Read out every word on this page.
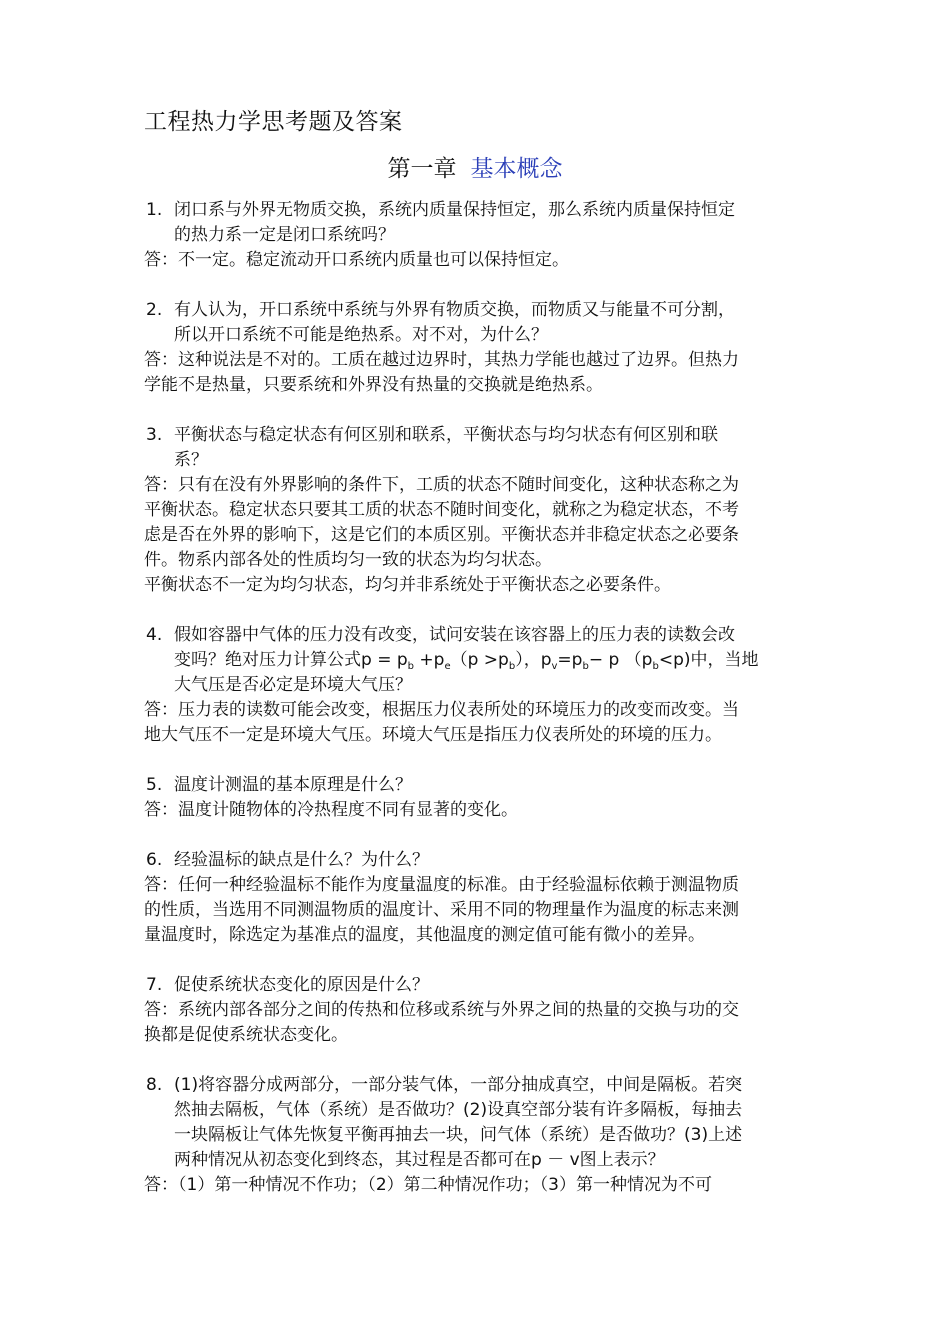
工程热力学思考题及答案
第一章 基本概念
1. 闭口系与外界无物质交换，系统内质量保持恒定，那么系统内质量保持恒定
的热力系一定是闭口系统吗？
答：不一定。稳定流动开口系统内质量也可以保持恒定。
2. 有人认为，开口系统中系统与外界有物质交换，而物质又与能量不可分割，
所以开口系统不可能是绝热系。对不对，为什么？
答：这种说法是不对的。工质在越过边界时，其热力学能也越过了边界。但热力
学能不是热量，只要系统和外界没有热量的交换就是绝热系。
3. 平衡状态与稳定状态有何区别和联系，平衡状态与均匀状态有何区别和联
系？
答：只有在没有外界影响的条件下，工质的状态不随时间变化，这种状态称之为
平衡状态。稳定状态只要其工质的状态不随时间变化，就称之为稳定状态，不考
虑是否在外界的影响下，这是它们的本质区别。平衡状态并非稳定状态之必要条
件。物系内部各处的性质均匀一致的状态为均匀状态。
平衡状态不一定为均匀状态，均匀并非系统处于平衡状态之必要条件。
4. 假如容器中气体的压力没有改变，试问安装在该容器上的压力表的读数会改
变吗？绝对压力计算公式$p = p_b +p_e(p >p_b)$，$p_v=p_b- p$ $(p_b<p)$中，当地
大气压是否必定是环境大气压？
答：压力表的读数可能会改变，根据压力仪表所处的环境压力的改变而改变。当
地大气压不一定是环境大气压。环境大气压是指压力仪表所处的环境的压力。
5. 温度计测温的基本原理是什么？
答：温度计随物体的冷热程度不同有显著的变化。
6. 经验温标的缺点是什么？为什么？
答：任何一种经验温标不能作为度量温度的标准。由于经验温标依赖于测温物质
的性质，当选用不同测温物质的温度计、采用不同的物理量作为温度的标志来测
量温度时，除选定为基准点的温度，其他温度的测定值可能有微小的差异。
7. 促使系统状态变化的原因是什么？
答：系统内部各部分之间的传热和位移或系统与外界之间的热量的交换与功的交
换都是促使系统状态变化。
8. (1)将容器分成两部分，一部分装气体，一部分抽成真空，中间是隔板。若突
然抽去隔板，气体（系统）是否做功？(2)设真空部分装有许多隔板，每抽去
一块隔板让气体先恢复平衡再抽去一块，问气体（系统）是否做功？(3)上述
两种情况从初态变化到终态，其过程是否都可在p － v图上表示？
答：（1）第一种情况不作功；（2）第二种情况作功；（3）第一种情况为不可
